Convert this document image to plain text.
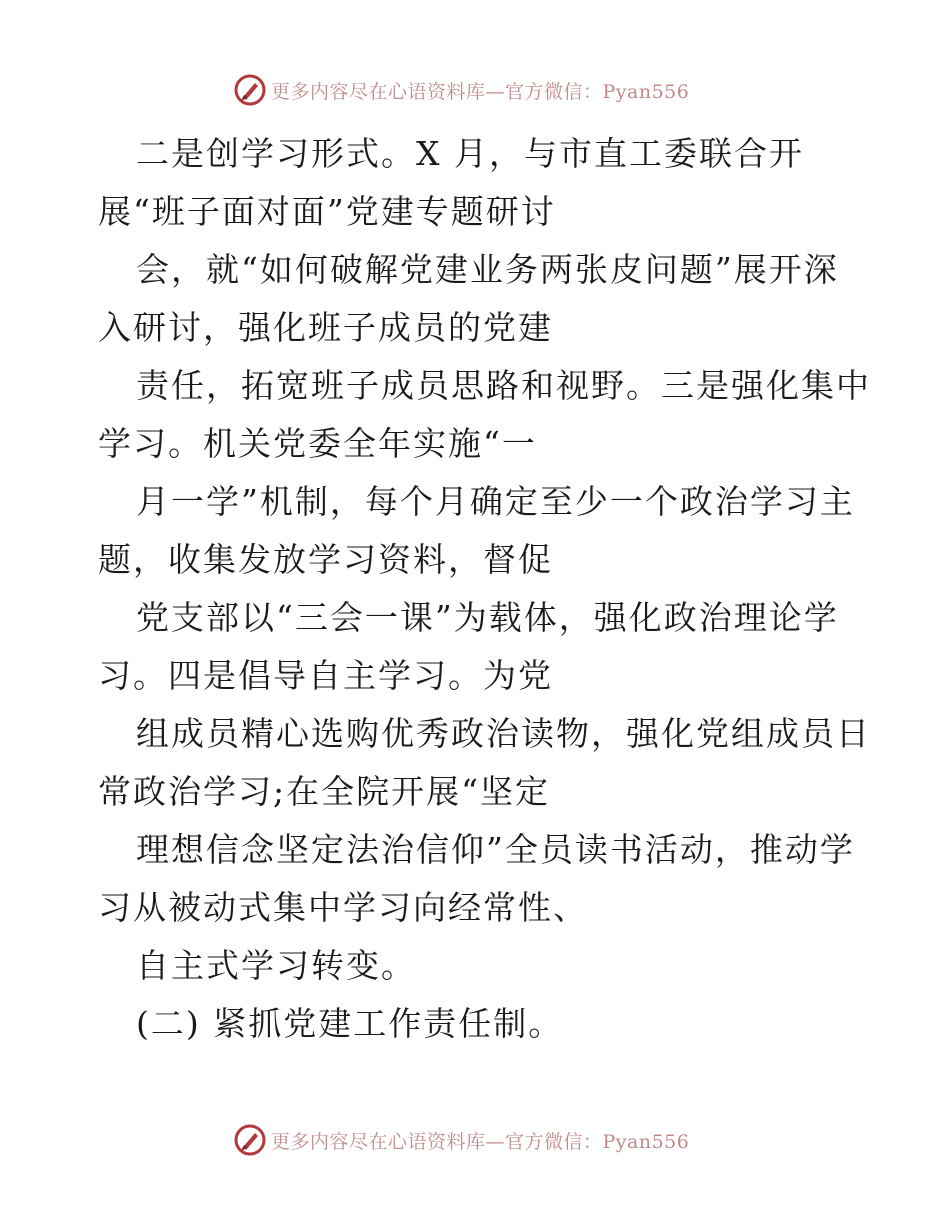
更多内容尽在心语资料库—官方微信：Pyan556
二是创学习形式。X 月，与市直工委联合开
展“班子面对面”党建专题研讨
会，就“如何破解党建业务两张皮问题”展开深
入研讨，强化班子成员的党建
责任，拓宽班子成员思路和视野。三是强化集中
学习。机关党委全年实施“一
月一学”机制，每个月确定至少一个政治学习主
题，收集发放学习资料，督促
党支部以“三会一课”为载体，强化政治理论学
习。四是倡导自主学习。为党
组成员精心选购优秀政治读物，强化党组成员日
常政治学习;在全院开展“坚定
理想信念坚定法治信仰”全员读书活动，推动学
习从被动式集中学习向经常性、
自主式学习转变。
(二) 紧抓党建工作责任制。
更多内容尽在心语资料库—官方微信：Pyan556
